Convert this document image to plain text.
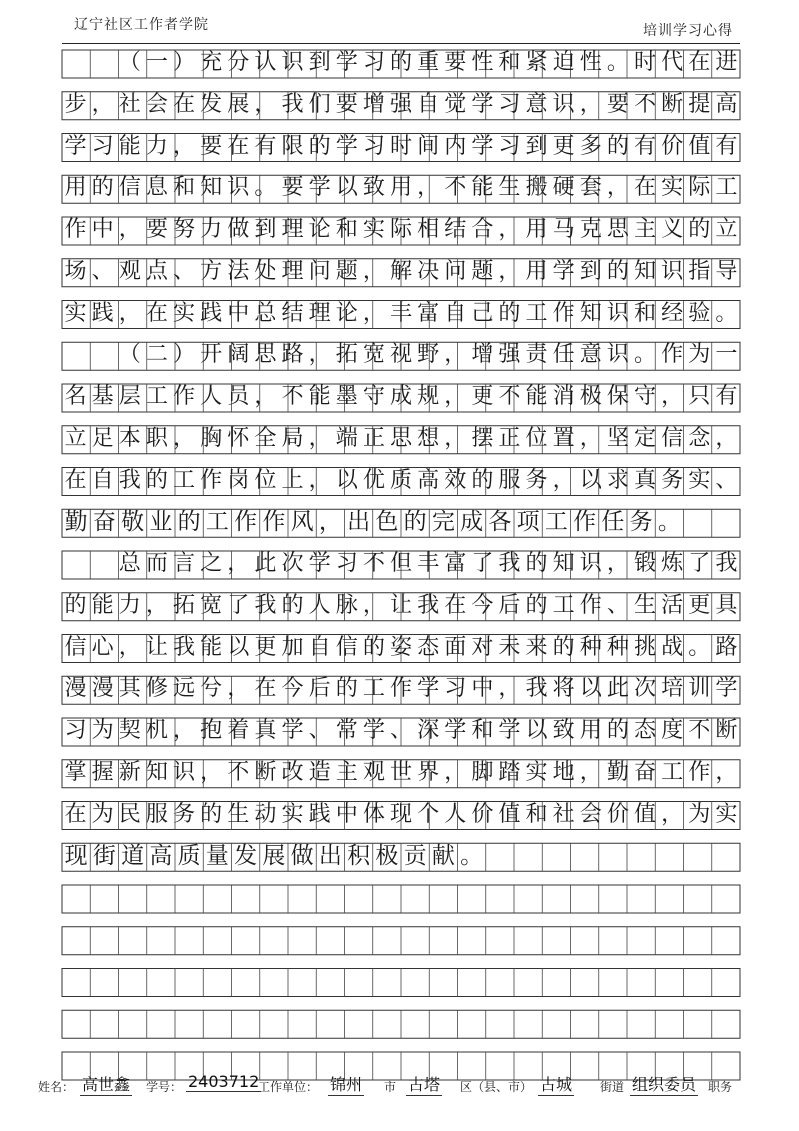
辽宁社区工作者学院	培训学习心得
（ 一 ） 充 分 认 识 到 学 习 的 重 要 性 和 紧 迫 性 。 时 代 在 进
步 ， 社 会 在 发 展 ， 我 们 要 增 强 自 觉 学 习 意 识 ， 要 不 断 提 高
学 习 能 力 ， 要 在 有 限 的 学 习 时 间 内 学 习 到 更 多 的 有 价 值 有
用 的 信 息 和 知 识 。 要 学 以 致 用 ， 不 能 生 搬 硬 套 ， 在 实 际 工
作 中 ， 要 努 力 做 到 理 论 和 实 际 相 结 合 ， 用 马 克 思 主 义 的 立
场 、 观 点 、 方 法 处 理 问 题 ， 解 决 问 题 ， 用 学 到 的 知 识 指 导
实 践 ， 在 实 践 中 总 结 理 论 ， 丰 富 自 己 的 工 作 知 识 和 经 验 。
（ 二 ） 开 阔 思 路 ， 拓 宽 视 野 ， 增 强 责 任 意 识 。 作 为 一
名 基 层 工 作 人 员 ， 不 能 墨 守 成 规 ， 更 不 能 消 极 保 守 ， 只 有
立 足 本 职 ， 胸 怀 全 局 ， 端 正 思 想 ， 摆 正 位 置 ， 坚 定 信 念 ，
在 自 我 的 工 作 岗 位 上 ， 以 优 质 高 效 的 服 务 ， 以 求 真 务 实 、
勤 奋 敬 业 的 工 作 作 风 ， 出 色 的 完 成 各 项 工 作 任 务 。
总 而 言 之 ， 此 次 学 习 不 但 丰 富 了 我 的 知 识 ， 锻 炼 了 我
的 能 力 ， 拓 宽 了 我 的 人 脉 ， 让 我 在 今 后 的 工 作 、 生 活 更 具
信 心 ， 让 我 能 以 更 加 自 信 的 姿 态 面 对 未 来 的 种 种 挑 战 。 路
漫 漫 其 修 远 兮 ， 在 今 后 的 工 作 学 习 中 ， 我 将 以 此 次 培 训 学
习 为 契 机 ， 抱 着 真 学 、 常 学 、 深 学 和 学 以 致 用 的 态 度 不 断
掌 握 新 知 识 ， 不 断 改 造 主 观 世 界 ， 脚 踏 实 地 ， 勤 奋 工 作 ，
在 为 民 服 务 的 生 动 实 践 中 体 现 个 人 价 值 和 社 会 价 值 ， 为 实
现 街 道 高 质 量 发 展 做 出 积 极 贡 献 。
姓名： 高世鑫 学号： 2403712
工作单位： 锦州 市 古塔 区（县、市） 古城 街道 组织委员 职务
